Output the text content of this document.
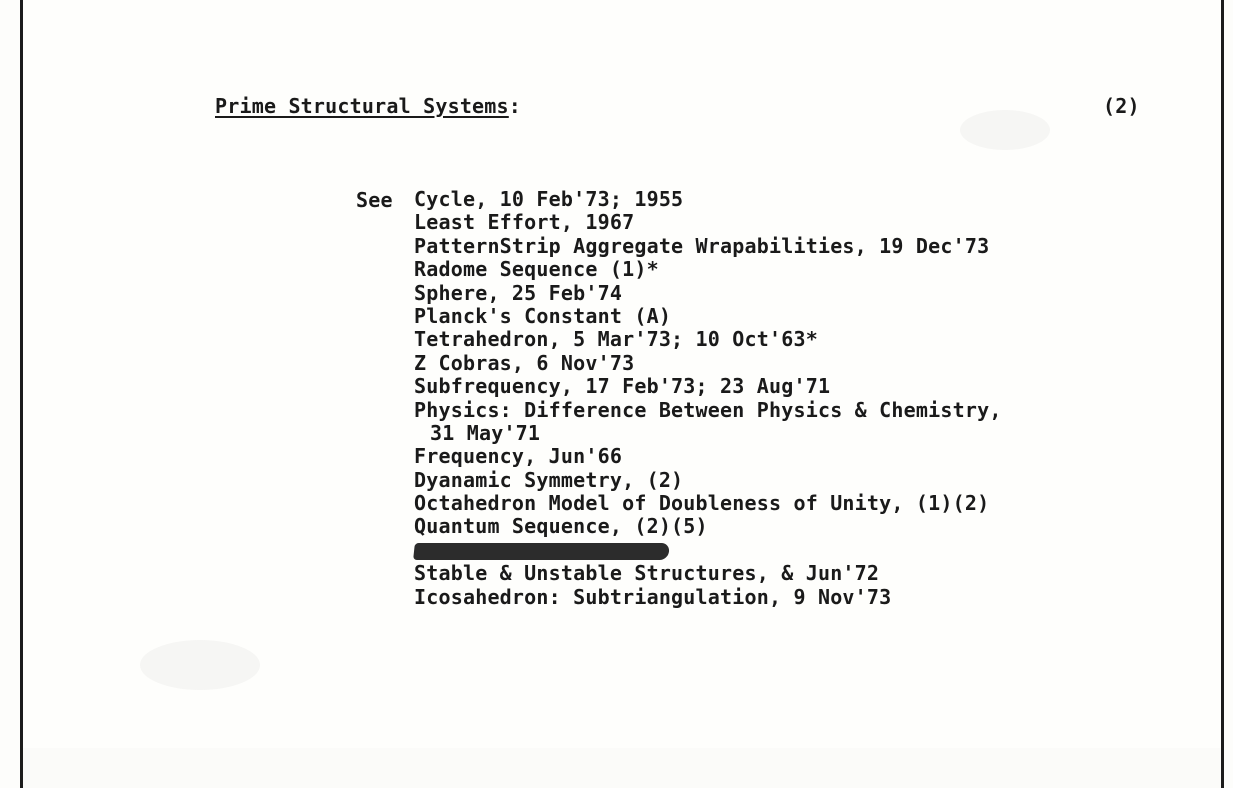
Prime Structural Systems:	(2)
See Cycle, 10 Feb'73; 1955
Least Effort, 1967
PatternStrip Aggregate Wrapabilities, 19 Dec'73
Radome Sequence (1)*
Sphere, 25 Feb'74
Planck's Constant (A)
Tetrahedron, 5 Mar'73; 10 Oct'63*
Z Cobras, 6 Nov'73
Subfrequency, 17 Feb'73; 23 Aug'71
Physics: Difference Between Physics & Chemistry,
31 May'71
Frequency, Jun'66
Dyanamic Symmetry, (2)
Octahedron Model of Doubleness of Unity, (1)(2)
Quantum Sequence, (2)(5)
Stable & Unstable Structures, & Jun'72
Icosahedron: Subtriangulation, 9 Nov'73
